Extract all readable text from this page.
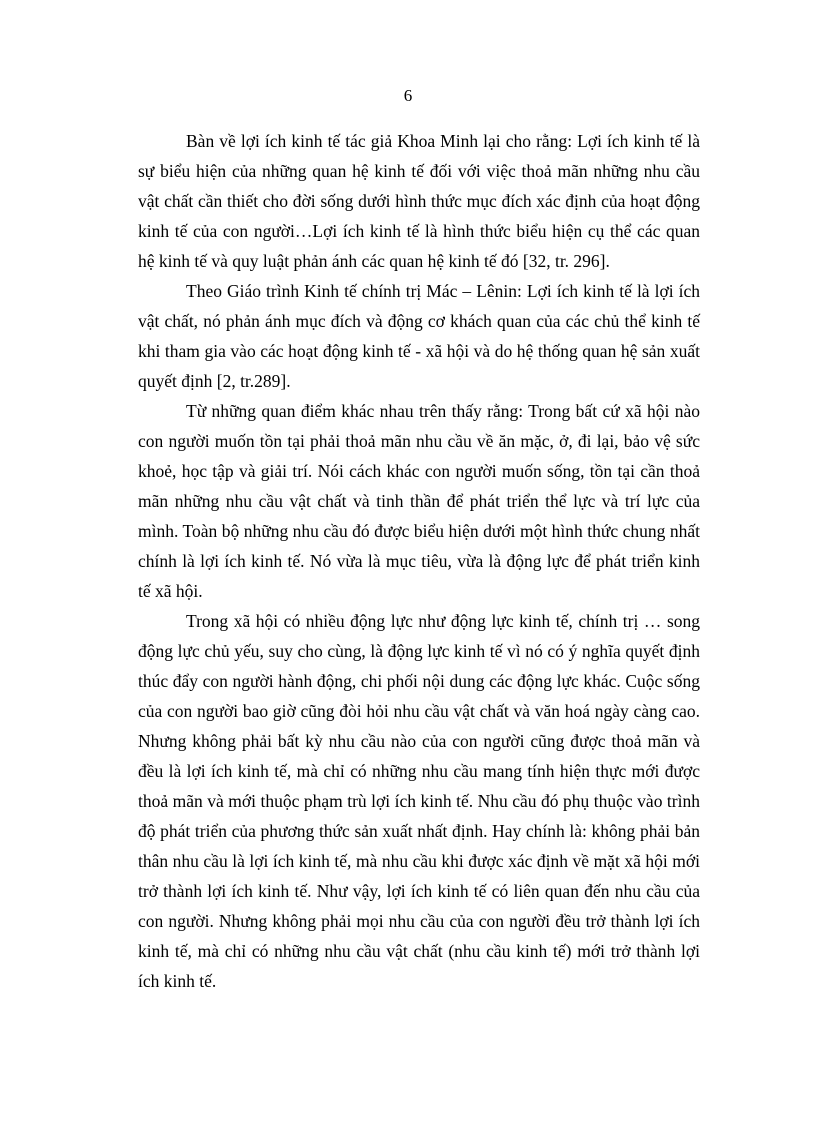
6

Bàn về lợi ích kinh tế tác giả Khoa Minh lại cho rằng: Lợi ích kinh tế là sự biểu hiện của những quan hệ kinh tế đối với việc thoả mãn những nhu cầu vật chất cần thiết cho đời sống dưới hình thức mục đích xác định của hoạt động kinh tế của con người…Lợi ích kinh tế là hình thức biểu hiện cụ thể các quan hệ kinh tế và quy luật phản ánh các quan hệ kinh tế đó [32, tr. 296].

Theo Giáo trình Kinh tế chính trị Mác – Lênin: Lợi ích kinh tế là lợi ích vật chất, nó phản ánh mục đích và động cơ khách quan của các chủ thể kinh tế khi tham gia vào các hoạt động kinh tế - xã hội và do hệ thống quan hệ sản xuất quyết định [2, tr.289].

Từ những quan điểm khác nhau trên thấy rằng: Trong bất cứ xã hội nào con người muốn tồn tại phải thoả mãn nhu cầu về ăn mặc, ở, đi lại, bảo vệ sức khoẻ, học tập và giải trí. Nói cách khác con người muốn sống, tồn tại cần thoả mãn những nhu cầu vật chất và tinh thần để phát triển thể lực và trí lực của mình. Toàn bộ những nhu cầu đó được biểu hiện dưới một hình thức chung nhất chính là lợi ích kinh tế. Nó vừa là mục tiêu, vừa là động lực để phát triển kinh tế xã hội.

Trong xã hội có nhiều động lực như động lực kinh tế, chính trị … song động lực chủ yếu, suy cho cùng, là động lực kinh tế vì nó có ý nghĩa quyết định thúc đẩy con người hành động, chi phối nội dung các động lực khác. Cuộc sống của con người bao giờ cũng đòi hỏi nhu cầu vật chất và văn hoá ngày càng cao. Nhưng không phải bất kỳ nhu cầu nào của con người cũng được thoả mãn và đều là lợi ích kinh tế, mà chỉ có những nhu cầu mang tính hiện thực mới được thoả mãn và mới thuộc phạm trù lợi ích kinh tế. Nhu cầu đó phụ thuộc vào trình độ phát triển của phương thức sản xuất nhất định. Hay chính là: không phải bản thân nhu cầu là lợi ích kinh tế, mà nhu cầu khi được xác định về mặt xã hội mới trở thành lợi ích kinh tế. Như vậy, lợi ích kinh tế có liên quan đến nhu cầu của con người. Nhưng không phải mọi nhu cầu của con người đều trở thành lợi ích kinh tế, mà chỉ có những nhu cầu vật chất (nhu cầu kinh tế) mới trở thành lợi ích kinh tế.
